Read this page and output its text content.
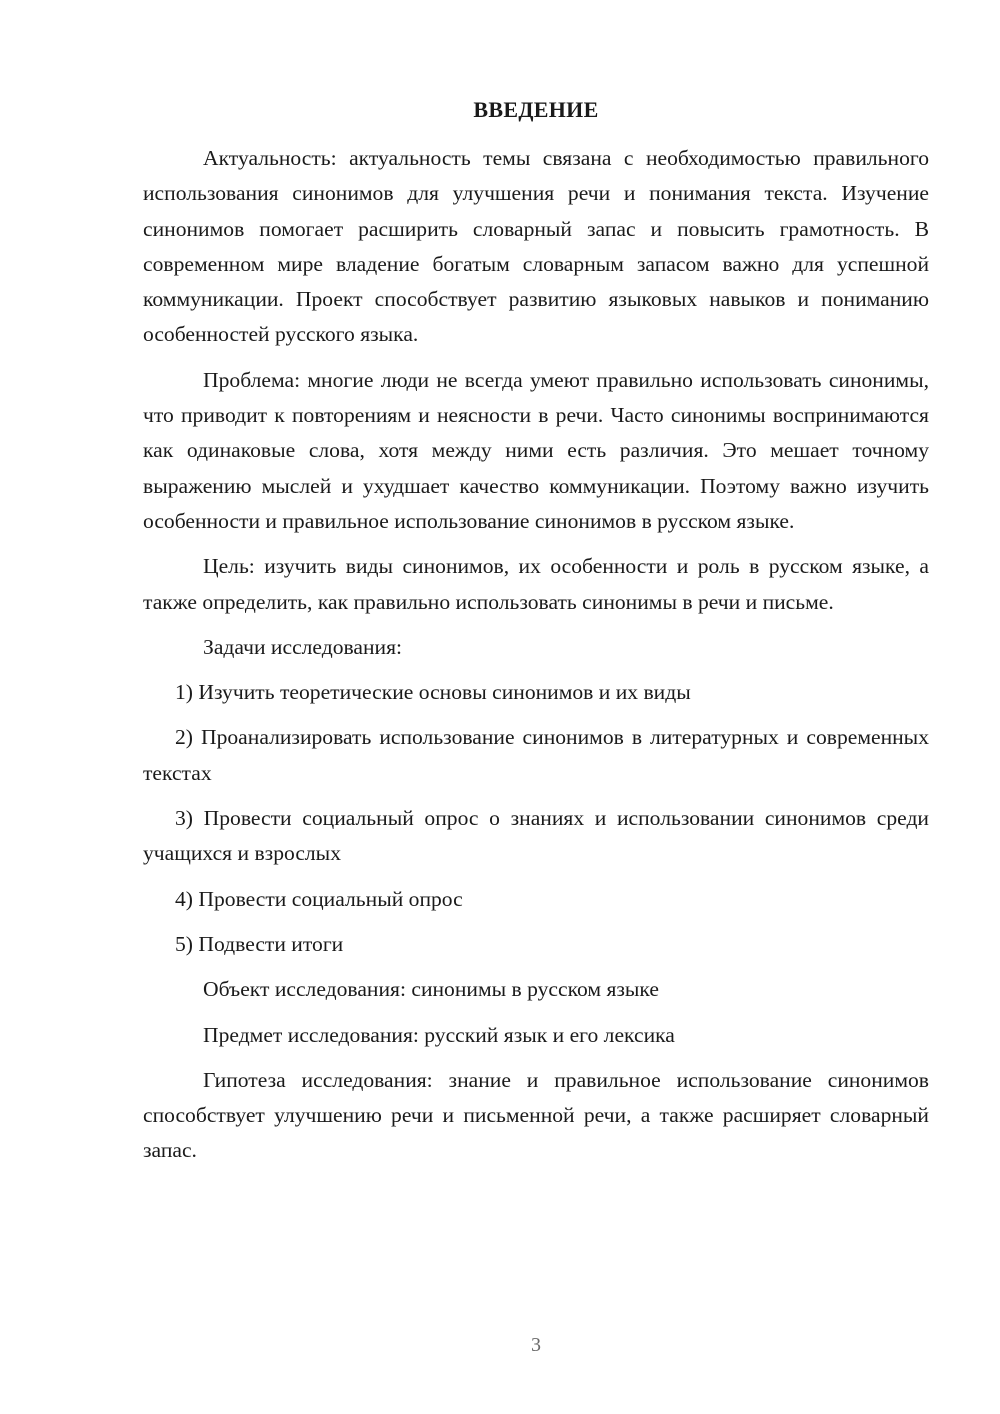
ВВЕДЕНИЕ

Актуальность: актуальность темы связана с необходимостью правильного использования синонимов для улучшения речи и понимания текста. Изучение синонимов помогает расширить словарный запас и повысить грамотность. В современном мире владение богатым словарным запасом важно для успешной коммуникации. Проект способствует развитию языковых навыков и пониманию особенностей русского языка.

Проблема: многие люди не всегда умеют правильно использовать синонимы, что приводит к повторениям и неясности в речи. Часто синонимы воспринимаются как одинаковые слова, хотя между ними есть различия. Это мешает точному выражению мыслей и ухудшает качество коммуникации. Поэтому важно изучить особенности и правильное использование синонимов в русском языке.

Цель: изучить виды синонимов, их особенности и роль в русском языке, а также определить, как правильно использовать синонимы в речи и письме.

Задачи исследования:

1) Изучить теоретические основы синонимов и их виды

2) Проанализировать использование синонимов в литературных и современных текстах

3) Провести социальный опрос о знаниях и использовании синонимов среди учащихся и взрослых

4) Провести социальный опрос

5) Подвести итоги

Объект исследования: синонимы в русском языке

Предмет исследования: русский язык и его лексика

Гипотеза исследования: знание и правильное использование синонимов способствует улучшению речи и письменной речи, а также расширяет словарный запас.

3
